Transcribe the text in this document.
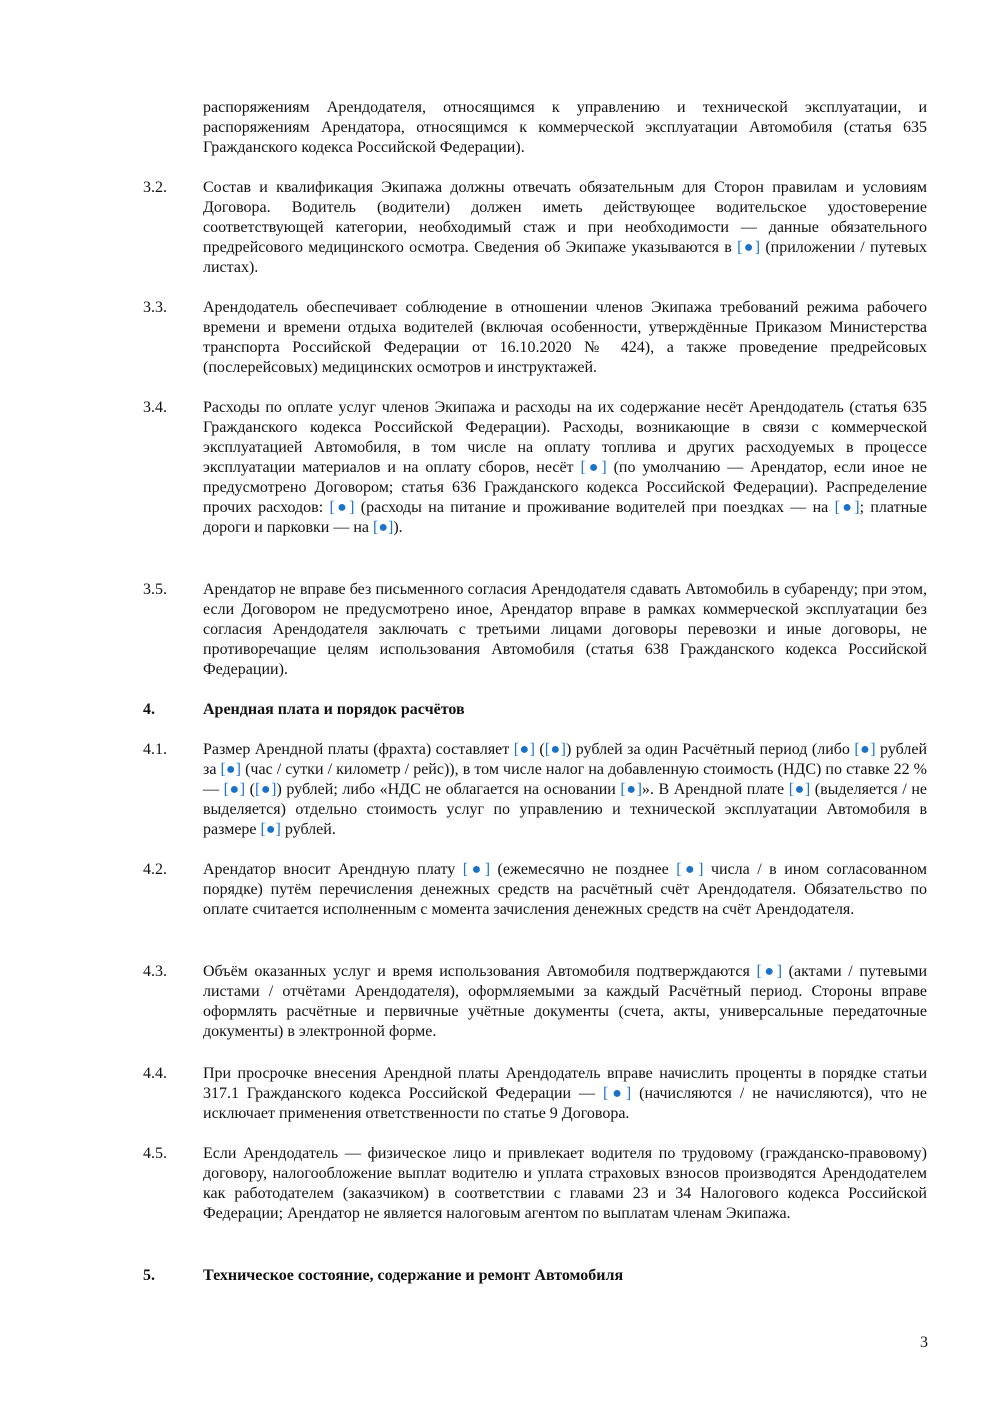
распоряжениям Арендодателя, относящимся к управлению и технической эксплуатации, и распоряжениям Арендатора, относящимся к коммерческой эксплуатации Автомобиля (статья 635 Гражданского кодекса Российской Федерации).
3.2. Состав и квалификация Экипажа должны отвечать обязательным для Сторон правилам и условиям Договора. Водитель (водители) должен иметь действующее водительское удостоверение соответствующей категории, необходимый стаж и при необходимости — данные обязательного предрейсового медицинского осмотра. Сведения об Экипаже указываются в [●] (приложении / путевых листах).
3.3. Арендодатель обеспечивает соблюдение в отношении членов Экипажа требований режима рабочего времени и времени отдыха водителей (включая особенности, утверждённые Приказом Министерства транспорта Российской Федерации от 16.10.2020 № 424), а также проведение предрейсовых (послерейсовых) медицинских осмотров и инструктажей.
3.4. Расходы по оплате услуг членов Экипажа и расходы на их содержание несёт Арендодатель (статья 635 Гражданского кодекса Российской Федерации). Расходы, возникающие в связи с коммерческой эксплуатацией Автомобиля, в том числе на оплату топлива и других расходуемых в процессе эксплуатации материалов и на оплату сборов, несёт [●] (по умолчанию — Арендатор, если иное не предусмотрено Договором; статья 636 Гражданского кодекса Российской Федерации). Распределение прочих расходов: [●] (расходы на питание и проживание водителей при поездках — на [●]; платные дороги и парковки — на [●]).
3.5. Арендатор не вправе без письменного согласия Арендодателя сдавать Автомобиль в субаренду; при этом, если Договором не предусмотрено иное, Арендатор вправе в рамках коммерческой эксплуатации без согласия Арендодателя заключать с третьими лицами договоры перевозки и иные договоры, не противоречащие целям использования Автомобиля (статья 638 Гражданского кодекса Российской Федерации).
4.	Арендная плата и порядок расчётов
4.1. Размер Арендной платы (фрахта) составляет [●] ([●]) рублей за один Расчётный период (либо [●] рублей за [●] (час / сутки / километр / рейс)), в том числе налог на добавленную стоимость (НДС) по ставке 22 % — [●] ([●]) рублей; либо «НДС не облагается на основании [●]». В Арендной плате [●] (выделяется / не выделяется) отдельно стоимость услуг по управлению и технической эксплуатации Автомобиля в размере [●] рублей.
4.2. Арендатор вносит Арендную плату [●] (ежемесячно не позднее [●] числа / в ином согласованном порядке) путём перечисления денежных средств на расчётный счёт Арендодателя. Обязательство по оплате считается исполненным с момента зачисления денежных средств на счёт Арендодателя.
4.3. Объём оказанных услуг и время использования Автомобиля подтверждаются [●] (актами / путевыми листами / отчётами Арендодателя), оформляемыми за каждый Расчётный период. Стороны вправе оформлять расчётные и первичные учётные документы (счета, акты, универсальные передаточные документы) в электронной форме.
4.4. При просрочке внесения Арендной платы Арендодатель вправе начислить проценты в порядке статьи 317.1 Гражданского кодекса Российской Федерации — [●] (начисляются / не начисляются), что не исключает применения ответственности по статье 9 Договора.
4.5. Если Арендодатель — физическое лицо и привлекает водителя по трудовому (гражданско-правовому) договору, налогообложение выплат водителю и уплата страховых взносов производятся Арендодателем как работодателем (заказчиком) в соответствии с главами 23 и 34 Налогового кодекса Российской Федерации; Арендатор не является налоговым агентом по выплатам членам Экипажа.
5.	Техническое состояние, содержание и ремонт Автомобиля
3
